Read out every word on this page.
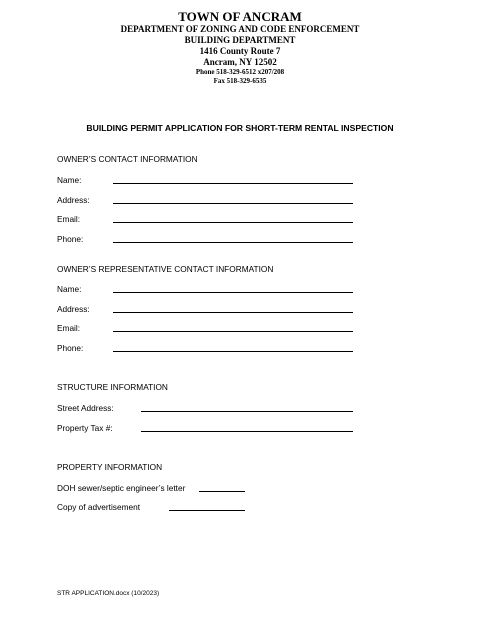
TOWN OF ANCRAM
DEPARTMENT OF ZONING AND CODE ENFORCEMENT
BUILDING DEPARTMENT
1416 County Route 7
Ancram, NY 12502
Phone 518-329-6512 x207/208
Fax 518-329-6535
BUILDING PERMIT APPLICATION FOR SHORT-TERM RENTAL INSPECTION
OWNER’S CONTACT INFORMATION
Name:
Address:
Email:
Phone:
OWNER’S REPRESENTATIVE CONTACT INFORMATION
Name:
Address:
Email:
Phone:
STRUCTURE INFORMATION
Street Address:
Property Tax #:
PROPERTY INFORMATION
DOH sewer/septic engineer’s letter
Copy of advertisement
STR APPLICATION.docx (10/2023)
